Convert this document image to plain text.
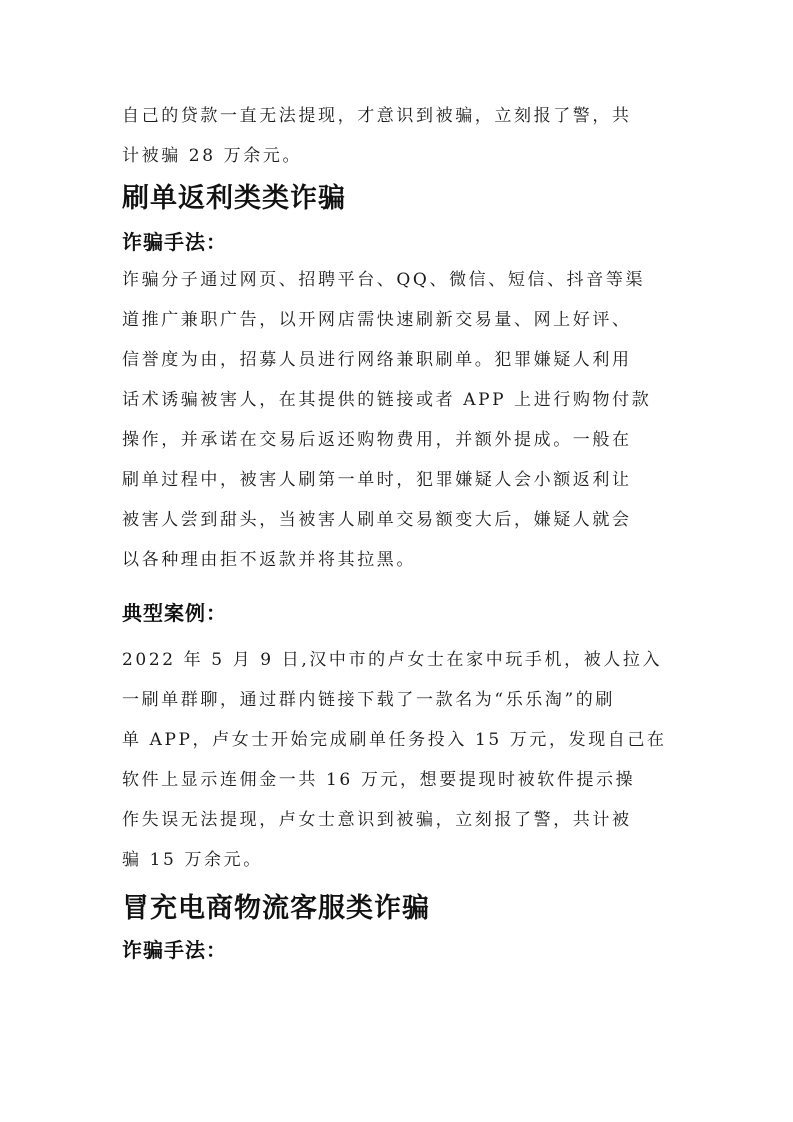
自己的贷款一直无法提现，才意识到被骗，立刻报了警，共
计被骗 28 万余元。
刷单返利类类诈骗
诈骗手法：
诈骗分子通过网页、招聘平台、QQ、微信、短信、抖音等渠
道推广兼职广告，以开网店需快速刷新交易量、网上好评、
信誉度为由，招募人员进行网络兼职刷单。犯罪嫌疑人利用
话术诱骗被害人，在其提供的链接或者 APP 上进行购物付款
操作，并承诺在交易后返还购物费用，并额外提成。一般在
刷单过程中，被害人刷第一单时，犯罪嫌疑人会小额返利让
被害人尝到甜头，当被害人刷单交易额变大后，嫌疑人就会
以各种理由拒不返款并将其拉黑。
典型案例：
2022 年 5 月 9 日,汉中市的卢女士在家中玩手机，被人拉入
一刷单群聊，通过群内链接下载了一款名为“乐乐淘”的刷
单 APP，卢女士开始完成刷单任务投入 15 万元，发现自己在
软件上显示连佣金一共 16 万元，想要提现时被软件提示操
作失误无法提现，卢女士意识到被骗，立刻报了警，共计被
骗 15 万余元。
冒充电商物流客服类诈骗
诈骗手法：
